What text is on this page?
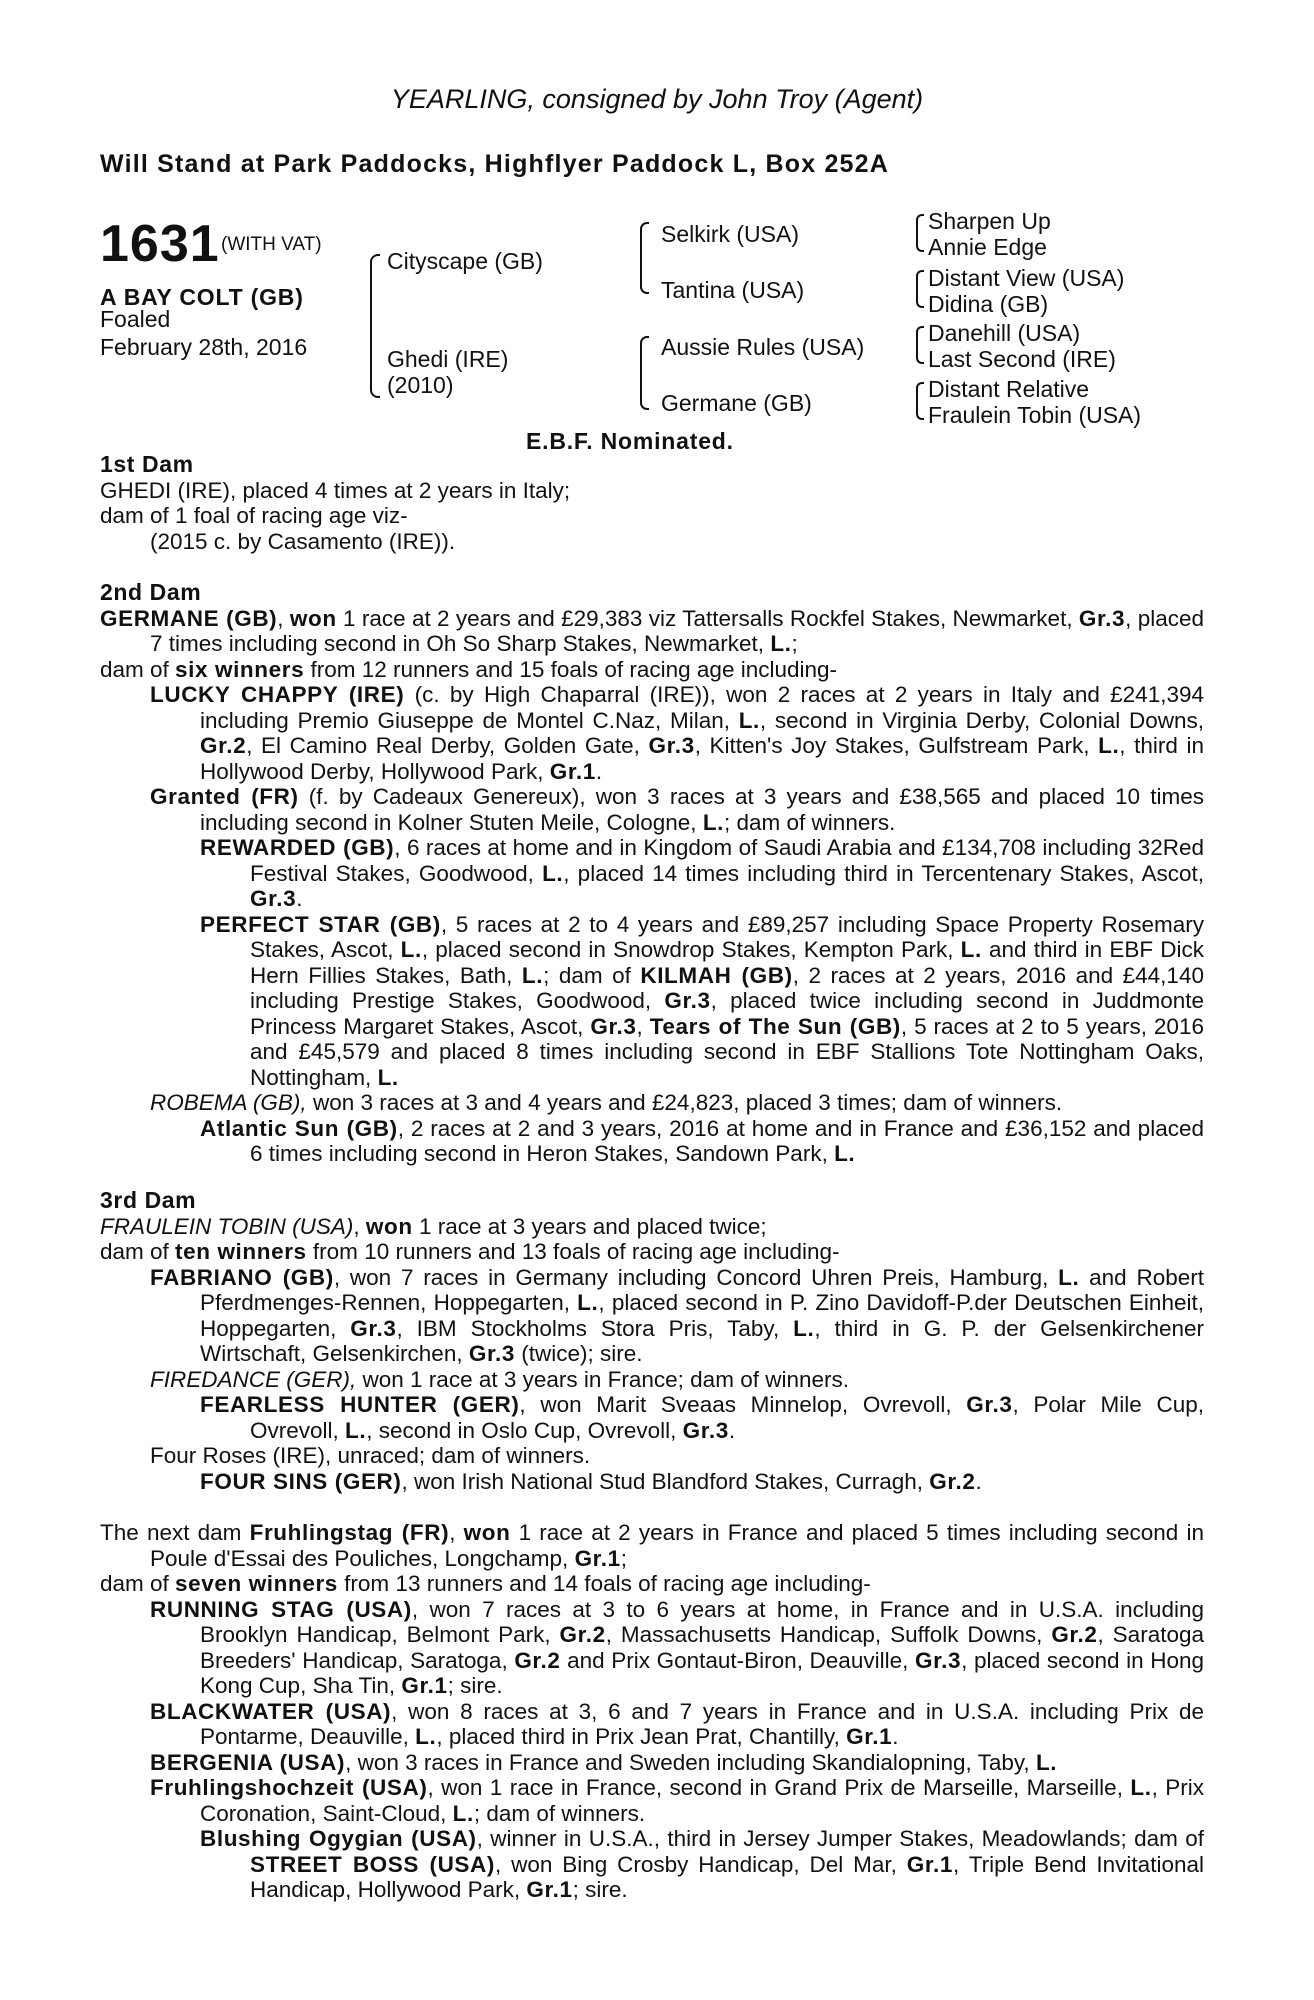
YEARLING, consigned by John Troy (Agent)
Will Stand at Park Paddocks, Highflyer Paddock L, Box 252A
1631 (WITH VAT)
A BAY COLT (GB)
Foaled
February 28th, 2016
Cityscape (GB)
Ghedi (IRE)
(2010)
Selkirk (USA)
Tantina (USA)
Aussie Rules (USA)
Germane (GB)
Sharpen Up
Annie Edge
Distant View (USA)
Didina (GB)
Danehill (USA)
Last Second (IRE)
Distant Relative
Fraulein Tobin (USA)
E.B.F. Nominated.
1st Dam

GHEDI (IRE), placed 4 times at 2 years in Italy;

dam of 1 foal of racing age viz-

(2015 c. by Casamento (IRE)).

2nd Dam

GERMANE (GB), won 1 race at 2 years and £29,383 viz Tattersalls Rockfel Stakes, Newmarket, Gr.3, placed 7 times including second in Oh So Sharp Stakes, Newmarket, L.;

dam of six winners from 12 runners and 15 foals of racing age including-

LUCKY CHAPPY (IRE) (c. by High Chaparral (IRE)), won 2 races at 2 years in Italy and £241,394 including Premio Giuseppe de Montel C.Naz, Milan, L., second in Virginia Derby, Colonial Downs, Gr.2, El Camino Real Derby, Golden Gate, Gr.3, Kitten's Joy Stakes, Gulfstream Park, L., third in Hollywood Derby, Hollywood Park, Gr.1.

Granted (FR) (f. by Cadeaux Genereux), won 3 races at 3 years and £38,565 and placed 10 times including second in Kolner Stuten Meile, Cologne, L.; dam of winners.

REWARDED (GB), 6 races at home and in Kingdom of Saudi Arabia and £134,708 including 32Red Festival Stakes, Goodwood, L., placed 14 times including third in Tercentenary Stakes, Ascot, Gr.3.

PERFECT STAR (GB), 5 races at 2 to 4 years and £89,257 including Space Property Rosemary Stakes, Ascot, L., placed second in Snowdrop Stakes, Kempton Park, L. and third in EBF Dick Hern Fillies Stakes, Bath, L.; dam of KILMAH (GB), 2 races at 2 years, 2016 and £44,140 including Prestige Stakes, Goodwood, Gr.3, placed twice including second in Juddmonte Princess Margaret Stakes, Ascot, Gr.3, Tears of The Sun (GB), 5 races at 2 to 5 years, 2016 and £45,579 and placed 8 times including second in EBF Stallions Tote Nottingham Oaks, Nottingham, L.

ROBEMA (GB), won 3 races at 3 and 4 years and £24,823, placed 3 times; dam of winners.

Atlantic Sun (GB), 2 races at 2 and 3 years, 2016 at home and in France and £36,152 and placed 6 times including second in Heron Stakes, Sandown Park, L.

3rd Dam

FRAULEIN TOBIN (USA), won 1 race at 3 years and placed twice;

dam of ten winners from 10 runners and 13 foals of racing age including-

FABRIANO (GB), won 7 races in Germany including Concord Uhren Preis, Hamburg, L. and Robert Pferdmenges-Rennen, Hoppegarten, L., placed second in P. Zino Davidoff-P.der Deutschen Einheit, Hoppegarten, Gr.3, IBM Stockholms Stora Pris, Taby, L., third in G. P. der Gelsenkirchener Wirtschaft, Gelsenkirchen, Gr.3 (twice); sire.

FIREDANCE (GER), won 1 race at 3 years in France; dam of winners.

FEARLESS HUNTER (GER), won Marit Sveaas Minnelop, Ovrevoll, Gr.3, Polar Mile Cup, Ovrevoll, L., second in Oslo Cup, Ovrevoll, Gr.3.

Four Roses (IRE), unraced; dam of winners.

FOUR SINS (GER), won Irish National Stud Blandford Stakes, Curragh, Gr.2.

The next dam Fruhlingstag (FR), won 1 race at 2 years in France and placed 5 times including second in Poule d'Essai des Pouliches, Longchamp, Gr.1;

dam of seven winners from 13 runners and 14 foals of racing age including-

RUNNING STAG (USA), won 7 races at 3 to 6 years at home, in France and in U.S.A. including Brooklyn Handicap, Belmont Park, Gr.2, Massachusetts Handicap, Suffolk Downs, Gr.2, Saratoga Breeders' Handicap, Saratoga, Gr.2 and Prix Gontaut-Biron, Deauville, Gr.3, placed second in Hong Kong Cup, Sha Tin, Gr.1; sire.

BLACKWATER (USA), won 8 races at 3, 6 and 7 years in France and in U.S.A. including Prix de Pontarme, Deauville, L., placed third in Prix Jean Prat, Chantilly, Gr.1.

BERGENIA (USA), won 3 races in France and Sweden including Skandialopning, Taby, L.

Fruhlingshochzeit (USA), won 1 race in France, second in Grand Prix de Marseille, Marseille, L., Prix Coronation, Saint-Cloud, L.; dam of winners.

Blushing Ogygian (USA), winner in U.S.A., third in Jersey Jumper Stakes, Meadowlands; dam of STREET BOSS (USA), won Bing Crosby Handicap, Del Mar, Gr.1, Triple Bend Invitational Handicap, Hollywood Park, Gr.1; sire.
